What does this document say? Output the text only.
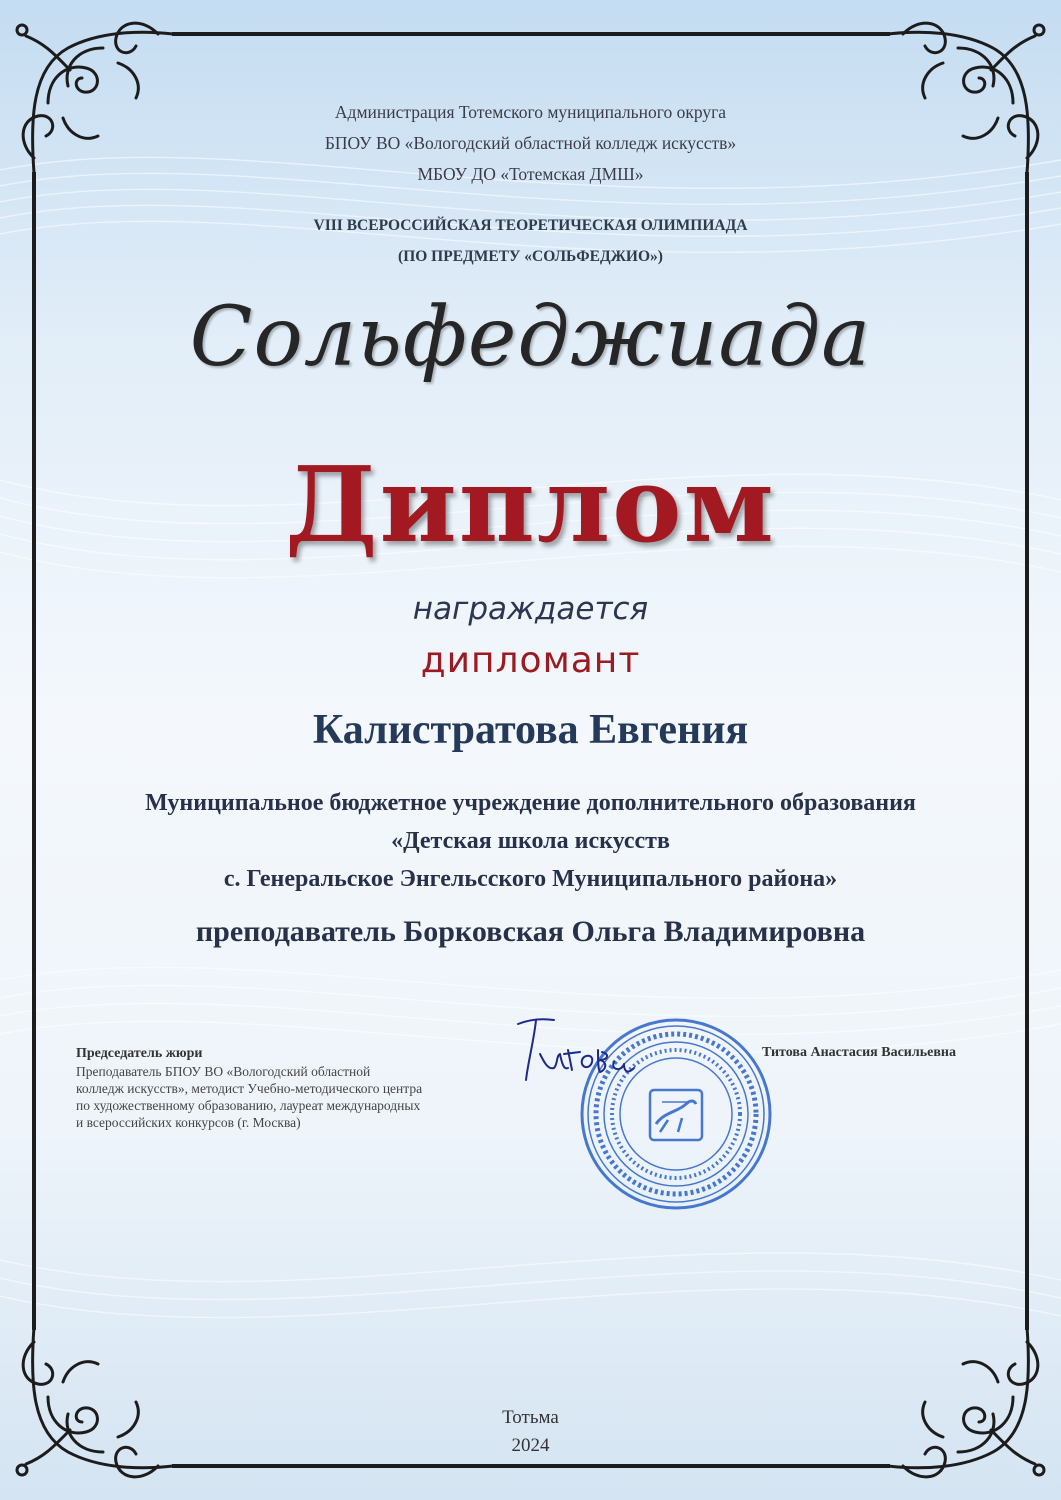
Администрация Тотемского муниципального округа
БПОУ ВО «Вологодский областной колледж искусств»
МБОУ ДО «Тотемская ДМШ»
VIII ВСЕРОССИЙСКАЯ ТЕОРЕТИЧЕСКАЯ ОЛИМПИАДА
(ПО ПРЕДМЕТУ «СОЛЬФЕДЖИО»)
Сольфеджиада
Диплом
награждается
дипломант
Калистратова Евгения
Муниципальное бюджетное учреждение дополнительного образования
«Детская школа искусств
с. Генеральское Энгельсского Муниципального района»
преподаватель Борковская Ольга Владимировна
Председатель жюри
Преподаватель БПОУ ВО «Вологодский областной
колледж искусств», методист Учебно-методического центра
по художественному образованию, лауреат международных
и всероссийских конкурсов (г. Москва)
Титова Анастасия Васильевна
Тотьма
2024
